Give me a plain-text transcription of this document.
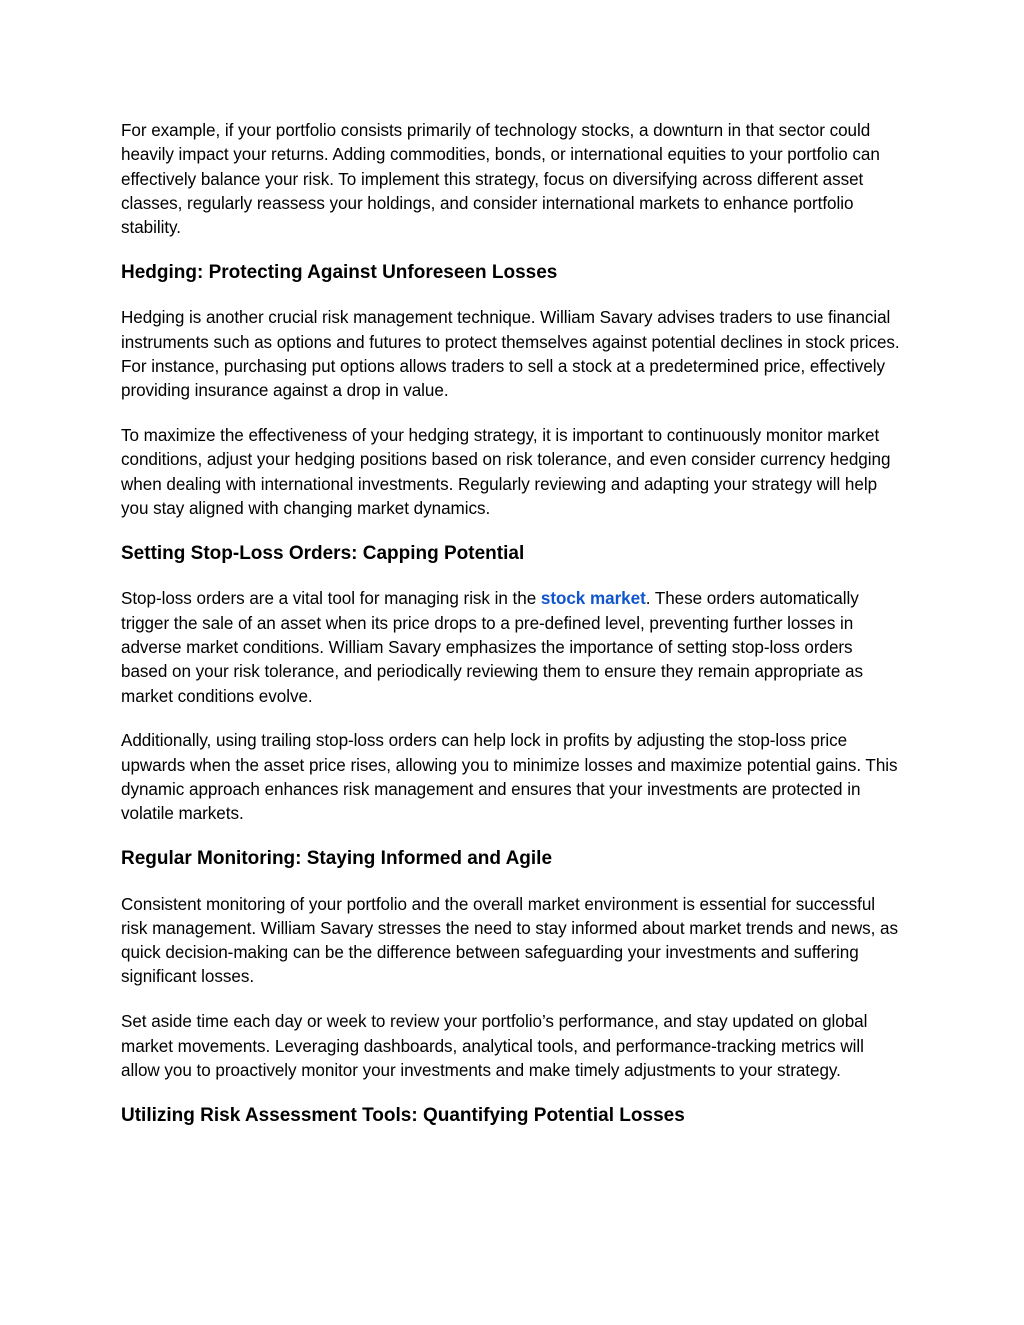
For example, if your portfolio consists primarily of technology stocks, a downturn in that sector could heavily impact your returns. Adding commodities, bonds, or international equities to your portfolio can effectively balance your risk. To implement this strategy, focus on diversifying across different asset classes, regularly reassess your holdings, and consider international markets to enhance portfolio stability.

Hedging: Protecting Against Unforeseen Losses

Hedging is another crucial risk management technique. William Savary advises traders to use financial instruments such as options and futures to protect themselves against potential declines in stock prices. For instance, purchasing put options allows traders to sell a stock at a predetermined price, effectively providing insurance against a drop in value.

To maximize the effectiveness of your hedging strategy, it is important to continuously monitor market conditions, adjust your hedging positions based on risk tolerance, and even consider currency hedging when dealing with international investments. Regularly reviewing and adapting your strategy will help you stay aligned with changing market dynamics.

Setting Stop-Loss Orders: Capping Potential

Stop-loss orders are a vital tool for managing risk in the stock market. These orders automatically trigger the sale of an asset when its price drops to a pre-defined level, preventing further losses in adverse market conditions. William Savary emphasizes the importance of setting stop-loss orders based on your risk tolerance, and periodically reviewing them to ensure they remain appropriate as market conditions evolve.

Additionally, using trailing stop-loss orders can help lock in profits by adjusting the stop-loss price upwards when the asset price rises, allowing you to minimize losses and maximize potential gains. This dynamic approach enhances risk management and ensures that your investments are protected in volatile markets.

Regular Monitoring: Staying Informed and Agile

Consistent monitoring of your portfolio and the overall market environment is essential for successful risk management. William Savary stresses the need to stay informed about market trends and news, as quick decision-making can be the difference between safeguarding your investments and suffering significant losses.

Set aside time each day or week to review your portfolio’s performance, and stay updated on global market movements. Leveraging dashboards, analytical tools, and performance-tracking metrics will allow you to proactively monitor your investments and make timely adjustments to your strategy.

Utilizing Risk Assessment Tools: Quantifying Potential Losses
